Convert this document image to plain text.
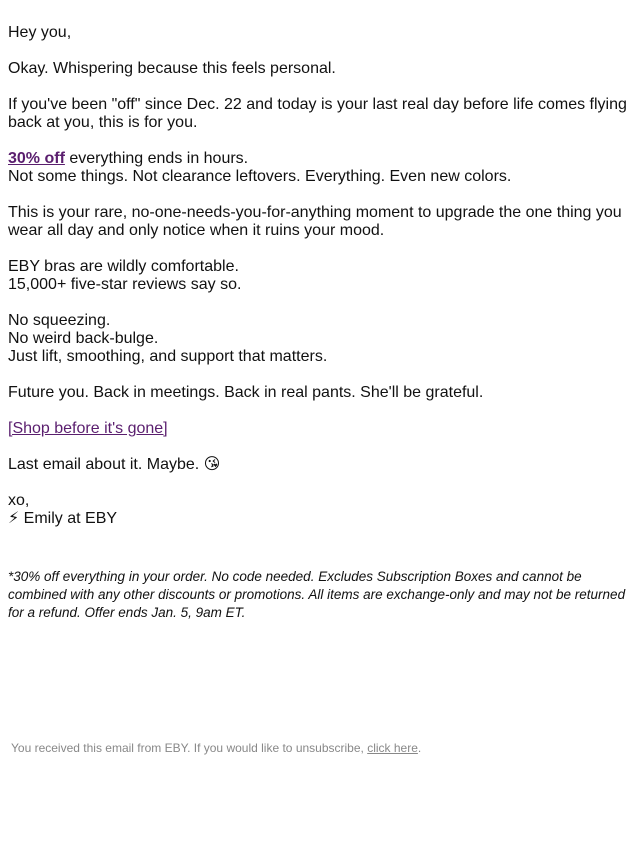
Hey you,

Okay. Whispering because this feels personal.

If you've been "off" since Dec. 22 and today is your last real day before life comes flying back at you, this is for you.

30% off everything ends in hours.
Not some things. Not clearance leftovers. Everything. Even new colors.

This is your rare, no-one-needs-you-for-anything moment to upgrade the one thing you wear all day and only notice when it ruins your mood.

EBY bras are wildly comfortable.
15,000+ five-star reviews say so.

No squeezing.
No weird back-bulge.
Just lift, smoothing, and support that matters.

Future you. Back in meetings. Back in real pants. She'll be grateful.

[Shop before it's gone]

Last email about it. Maybe. 😘

xo,
⚡ Emily at EBY

*30% off everything in your order. No code needed. Excludes Subscription Boxes and cannot be combined with any other discounts or promotions. All items are exchange-only and may not be returned for a refund. Offer ends Jan. 5, 9am ET.

You received this email from EBY. If you would like to unsubscribe, click here.
